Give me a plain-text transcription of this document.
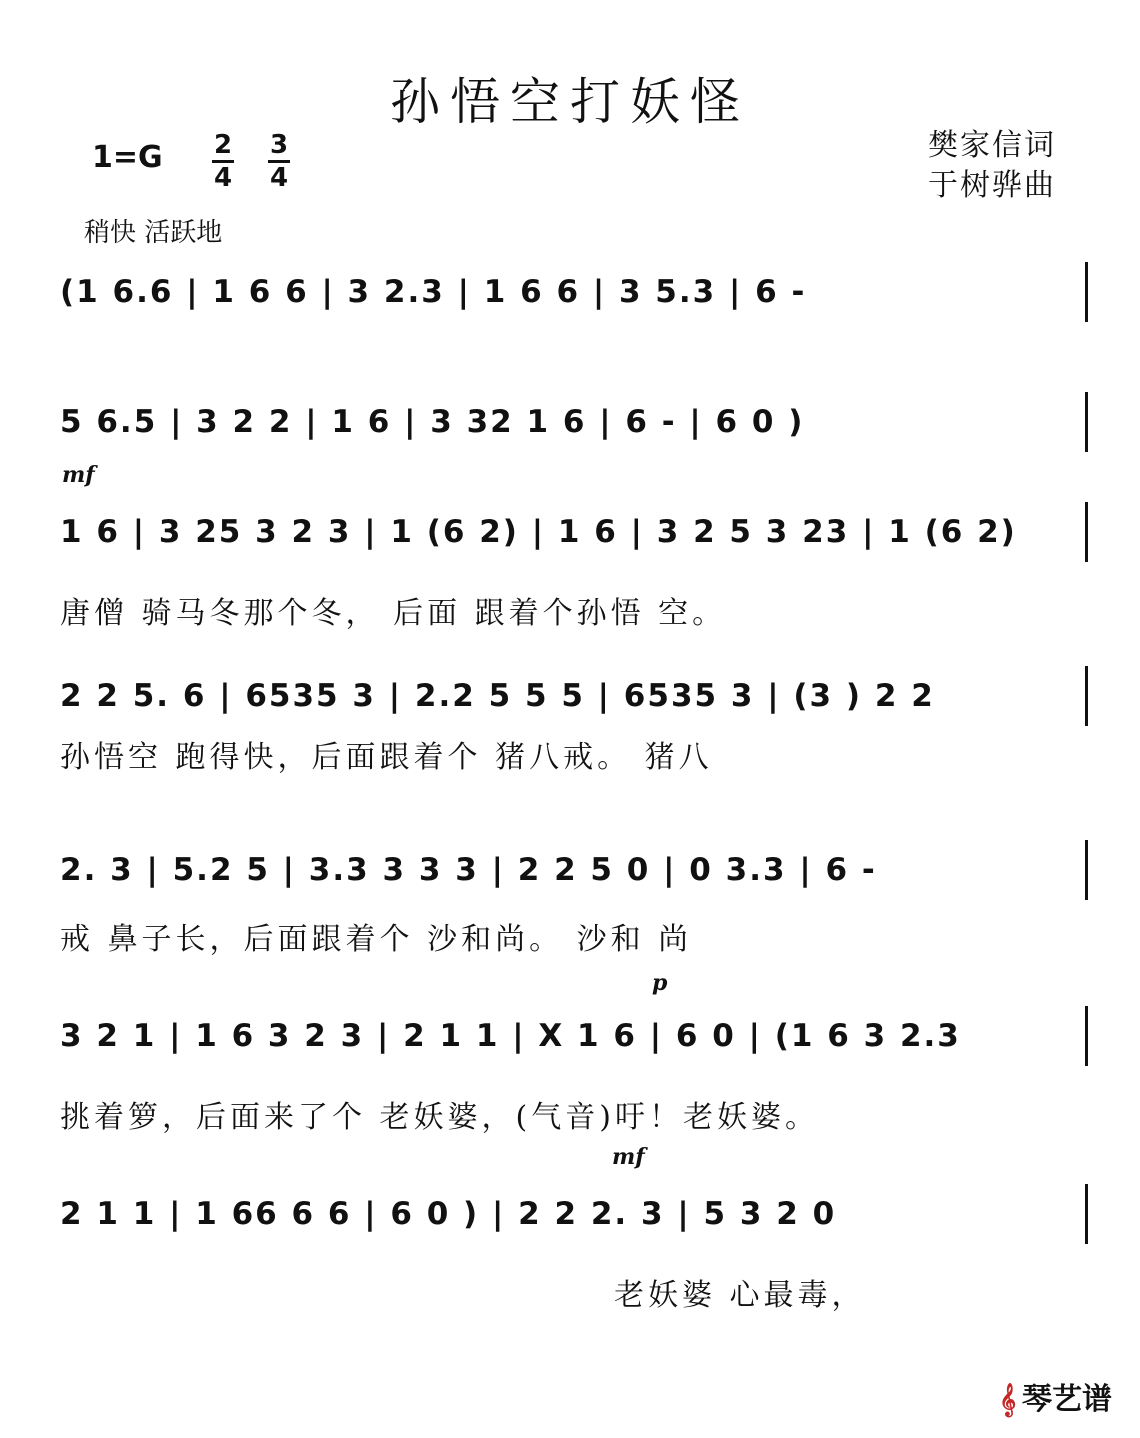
孙悟空打妖怪
1=G 2
4
3
4
樊家信词
于树骅曲
稍快 活跃地
mf
p
mf
(1 6.6 | 1 6 6 | 3 2.3 | 1 6 6 | 3 5.3 | 6 -
5 6.5 | 3 2 2 | 1 6 | 3 32 1 6 | 6 - | 6 0 )
1 6 | 3 25 3 2 3 | 1 (6 2) | 1 6 | 3 2 5 3 23 | 1 (6 2)
唐僧 骑马冬那个冬， 后面 跟着个孙悟 空。
2 2 5. 6 | 6535 3 | 2.2 5 5 5 | 6535 3 | (3 ) 2 2
孙悟空 跑得快，后面跟着个 猪八戒。 猪八
2. 3 | 5.2 5 | 3.3 3 3 3 | 2 2 5 0 | 0 3.3 | 6 -
戒 鼻子长，后面跟着个 沙和尚。 沙和 尚
3 2 1 | 1 6 3 2 3 | 2 1 1 | X 1 6 | 6 0 | (1 6 3 2.3
挑着箩，后面来了个 老妖婆，(气音)吁！老妖婆。
2 1 1 | 1 66 6 6 | 6 0 ) | 2 2 2. 3 | 5 3 2 0
老妖婆 心最毒，
𝄞 琴艺谱
